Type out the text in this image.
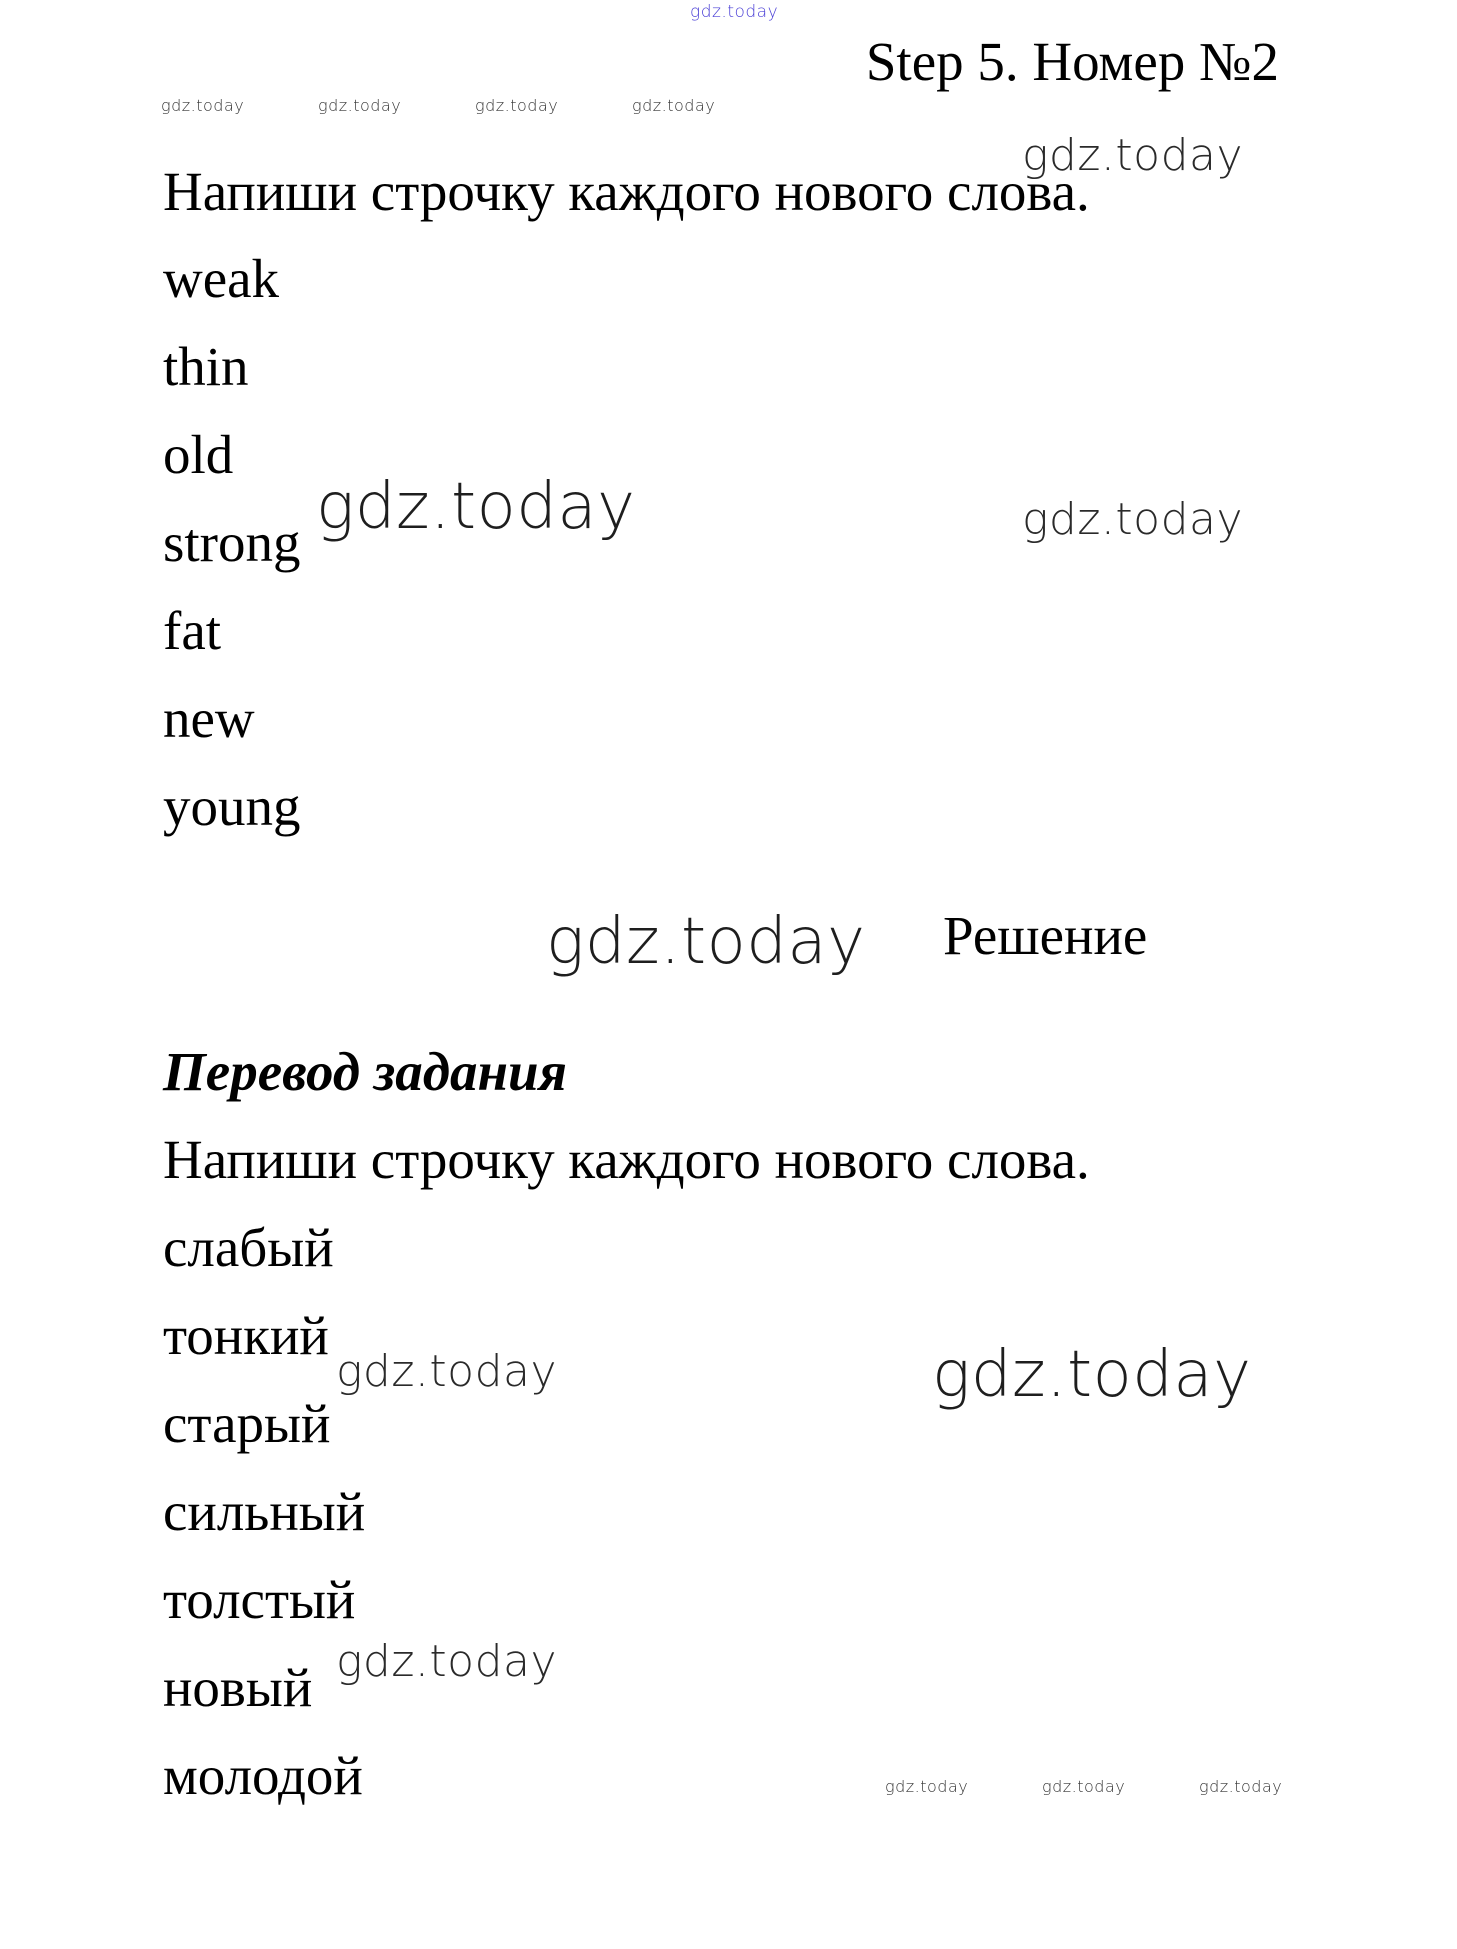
gdz.today
gdz.today	gdz.today	gdz.today	gdz.today
gdz.today
gdz.today	gdz.today
gdz.today
gdz.today	gdz.today
gdz.today
gdz.today	gdz.today	gdz.today
Step 5. Номер №2
Напиши строчку каждого нового слова.
weak
thin
old
strong
fat
new
young
Решение
Перевод задания
Напиши строчку каждого нового слова.
слабый
тонкий
старый
сильный
толстый
новый
молодой
